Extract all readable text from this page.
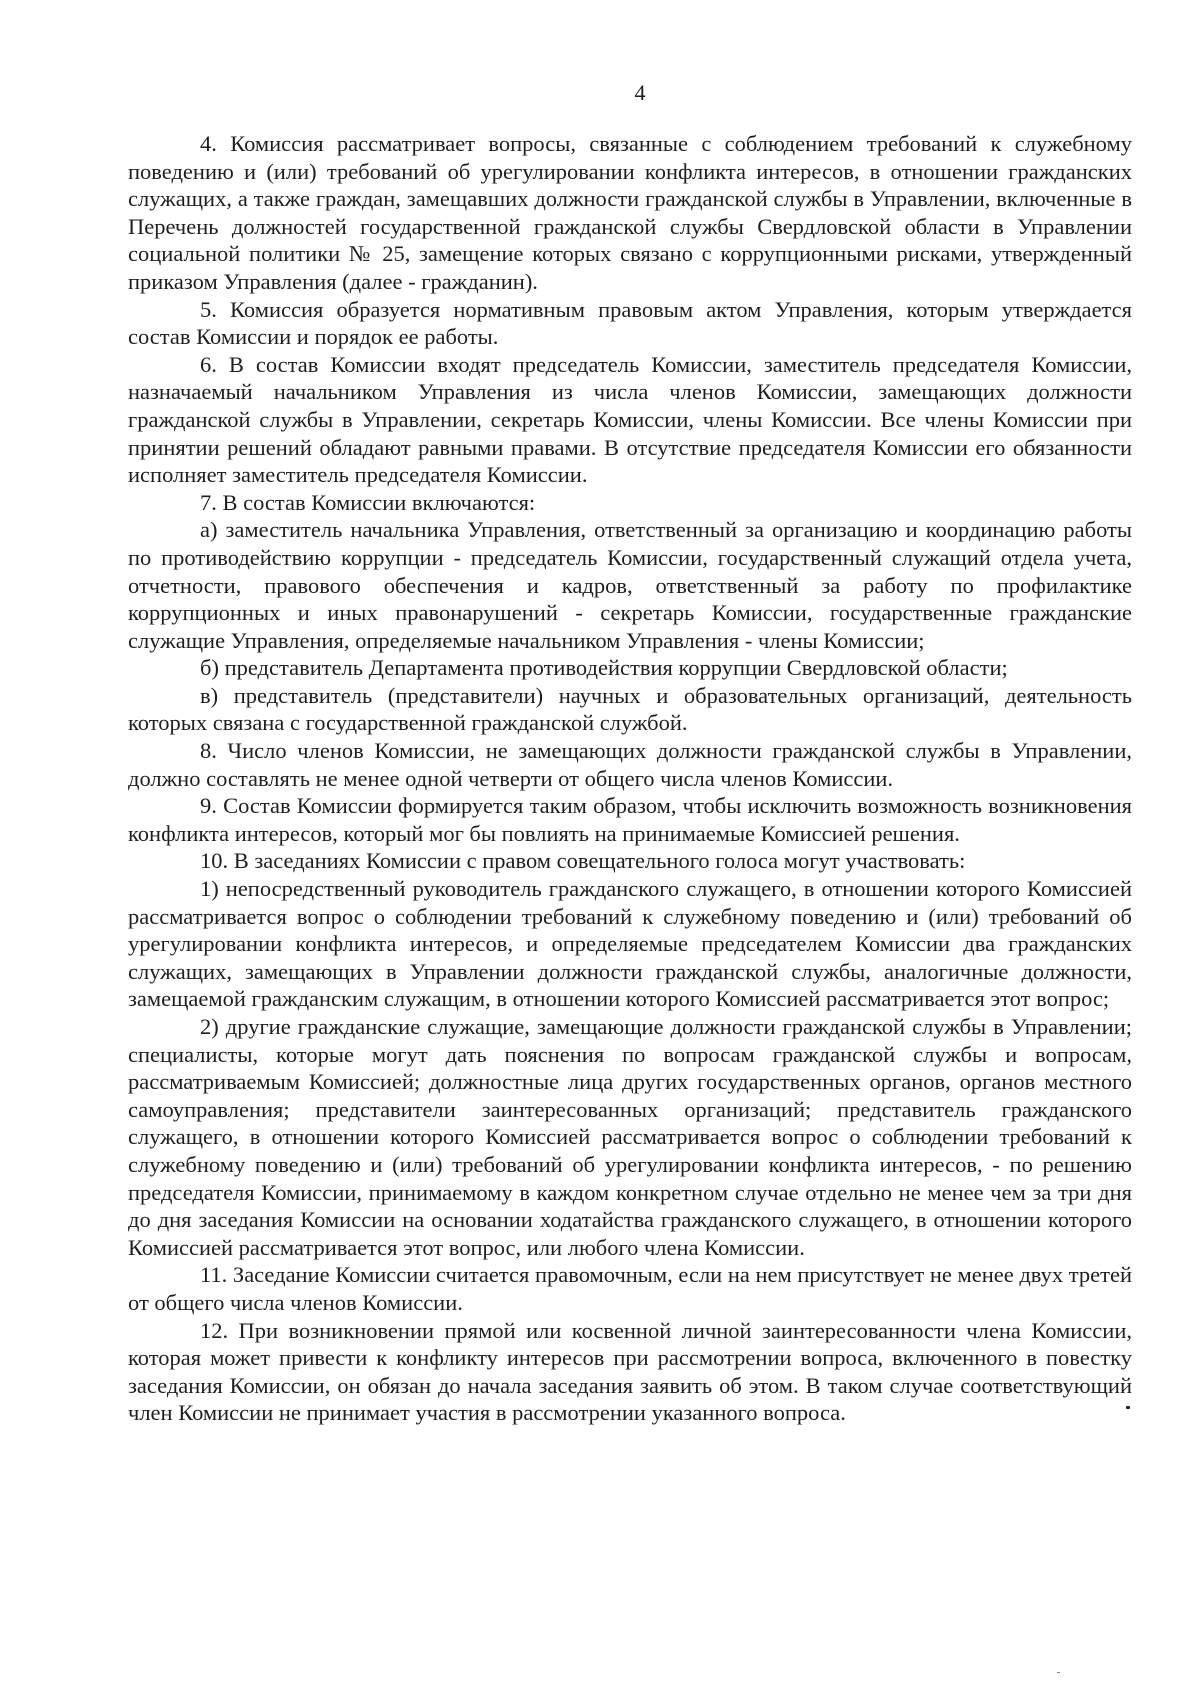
4

4. Комиссия рассматривает вопросы, связанные с соблюдением требований к служебному поведению и (или) требований об урегулировании конфликта интересов, в отношении гражданских служащих, а также граждан, замещавших должности гражданской службы в Управлении, включенные в Перечень должностей государственной гражданской службы Свердловской области в Управлении социальной политики № 25, замещение которых связано с коррупционными рисками, утвержденный приказом Управления (далее - гражданин).

5. Комиссия образуется нормативным правовым актом Управления, которым утверждается состав Комиссии и порядок ее работы.

6. В состав Комиссии входят председатель Комиссии, заместитель председателя Комиссии, назначаемый начальником Управления из числа членов Комиссии, замещающих должности гражданской службы в Управлении, секретарь Комиссии, члены Комиссии. Все члены Комиссии при принятии решений обладают равными правами. В отсутствие председателя Комиссии его обязанности исполняет заместитель председателя Комиссии.

7. В состав Комиссии включаются:

а) заместитель начальника Управления, ответственный за организацию и координацию работы по противодействию коррупции - председатель Комиссии, государственный служащий отдела учета, отчетности, правового обеспечения и кадров, ответственный за работу по профилактике коррупционных и иных правонарушений - секретарь Комиссии, государственные гражданские служащие Управления, определяемые начальником Управления - члены Комиссии;

б) представитель Департамента противодействия коррупции Свердловской области;

в) представитель (представители) научных и образовательных организаций, деятельность которых связана с государственной гражданской службой.

8. Число членов Комиссии, не замещающих должности гражданской службы в Управлении, должно составлять не менее одной четверти от общего числа членов Комиссии.

9. Состав Комиссии формируется таким образом, чтобы исключить возможность возникновения конфликта интересов, который мог бы повлиять на принимаемые Комиссией решения.

10. В заседаниях Комиссии с правом совещательного голоса могут участвовать:

1) непосредственный руководитель гражданского служащего, в отношении которого Комиссией рассматривается вопрос о соблюдении требований к служебному поведению и (или) требований об урегулировании конфликта интересов, и определяемые председателем Комиссии два гражданских служащих, замещающих в Управлении должности гражданской службы, аналогичные должности, замещаемой гражданским служащим, в отношении которого Комиссией рассматривается этот вопрос;

2) другие гражданские служащие, замещающие должности гражданской службы в Управлении; специалисты, которые могут дать пояснения по вопросам гражданской службы и вопросам, рассматриваемым Комиссией; должностные лица других государственных органов, органов местного самоуправления; представители заинтересованных организаций; представитель гражданского служащего, в отношении которого Комиссией рассматривается вопрос о соблюдении требований к служебному поведению и (или) требований об урегулировании конфликта интересов, - по решению председателя Комиссии, принимаемому в каждом конкретном случае отдельно не менее чем за три дня до дня заседания Комиссии на основании ходатайства гражданского служащего, в отношении которого Комиссией рассматривается этот вопрос, или любого члена Комиссии.

11. Заседание Комиссии считается правомочным, если на нем присутствует не менее двух третей от общего числа членов Комиссии.

12. При возникновении прямой или косвенной личной заинтересованности члена Комиссии, которая может привести к конфликту интересов при рассмотрении вопроса, включенного в повестку заседания Комиссии, он обязан до начала заседания заявить об этом. В таком случае соответствующий член Комиссии не принимает участия в рассмотрении указанного вопроса.
